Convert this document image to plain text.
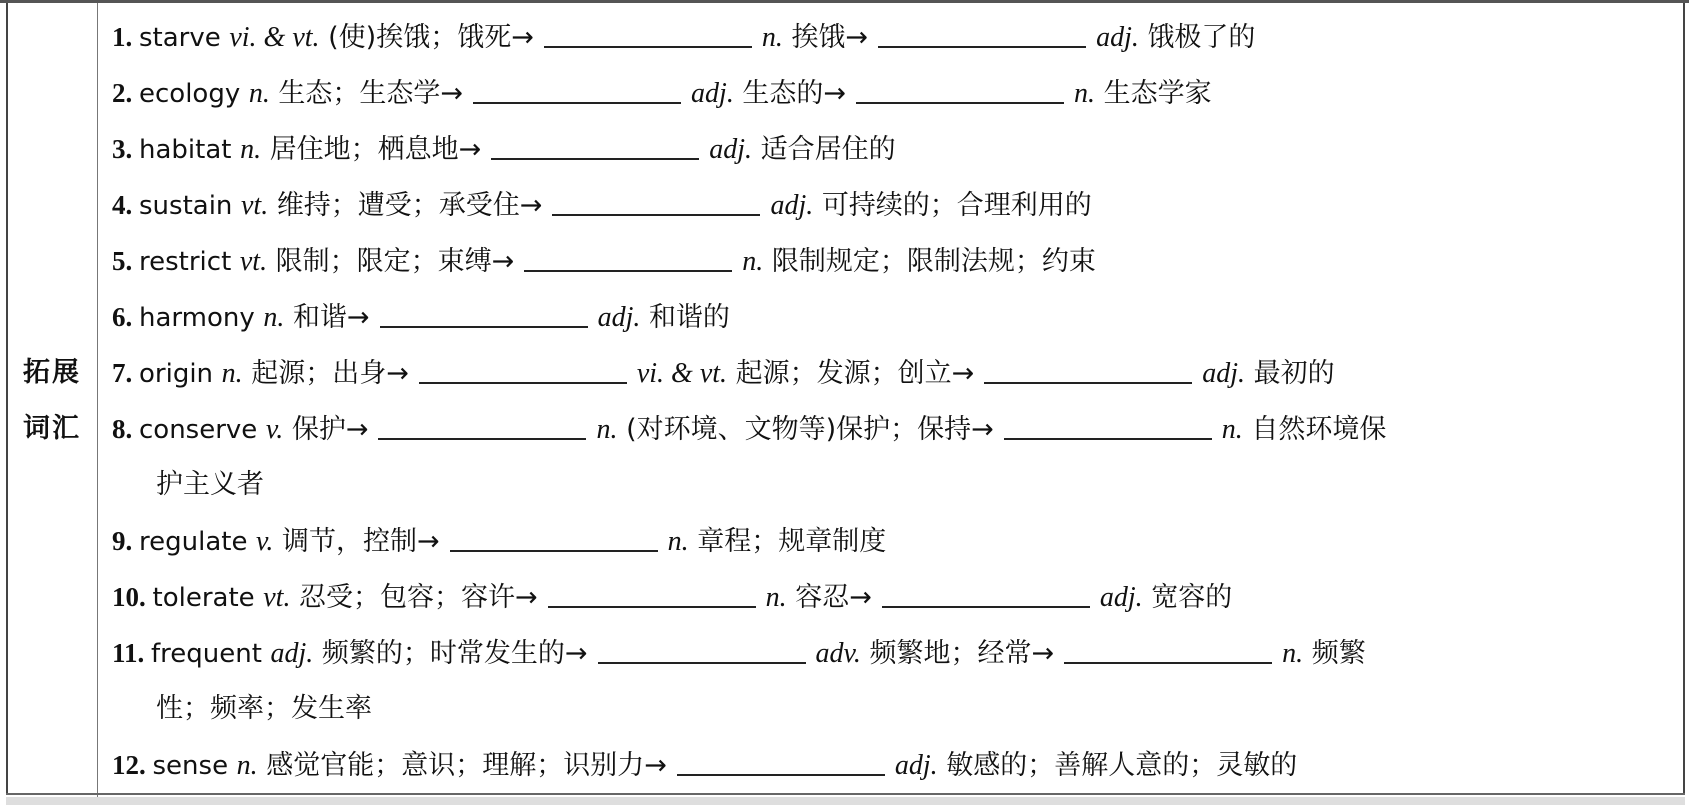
拓展
词汇
1. starve vi. & vt. (使)挨饿；饿死→	n. 挨饿→	adj. 饿极了的
2. ecology n. 生态；生态学→	adj. 生态的→	n. 生态学家
3. habitat n. 居住地；栖息地→	adj. 适合居住的
4. sustain vt. 维持；遭受；承受住→	adj. 可持续的；合理利用的
5. restrict vt. 限制；限定；束缚→	n. 限制规定；限制法规；约束
6. harmony n. 和谐→	adj. 和谐的
7. origin n. 起源；出身→	vi. & vt. 起源；发源；创立→	adj. 最初的
8. conserve v. 保护→	n. (对环境、文物等)保护；保持→	n. 自然环境保
护主义者
9. regulate v. 调节，控制→	n. 章程；规章制度
10. tolerate vt. 忍受；包容；容许→	n. 容忍→	adj. 宽容的
11. frequent adj. 频繁的；时常发生的→	adv. 频繁地；经常→	n. 频繁
性；频率；发生率
12. sense n. 感觉官能；意识；理解；识别力→	adj. 敏感的；善解人意的；灵敏的
